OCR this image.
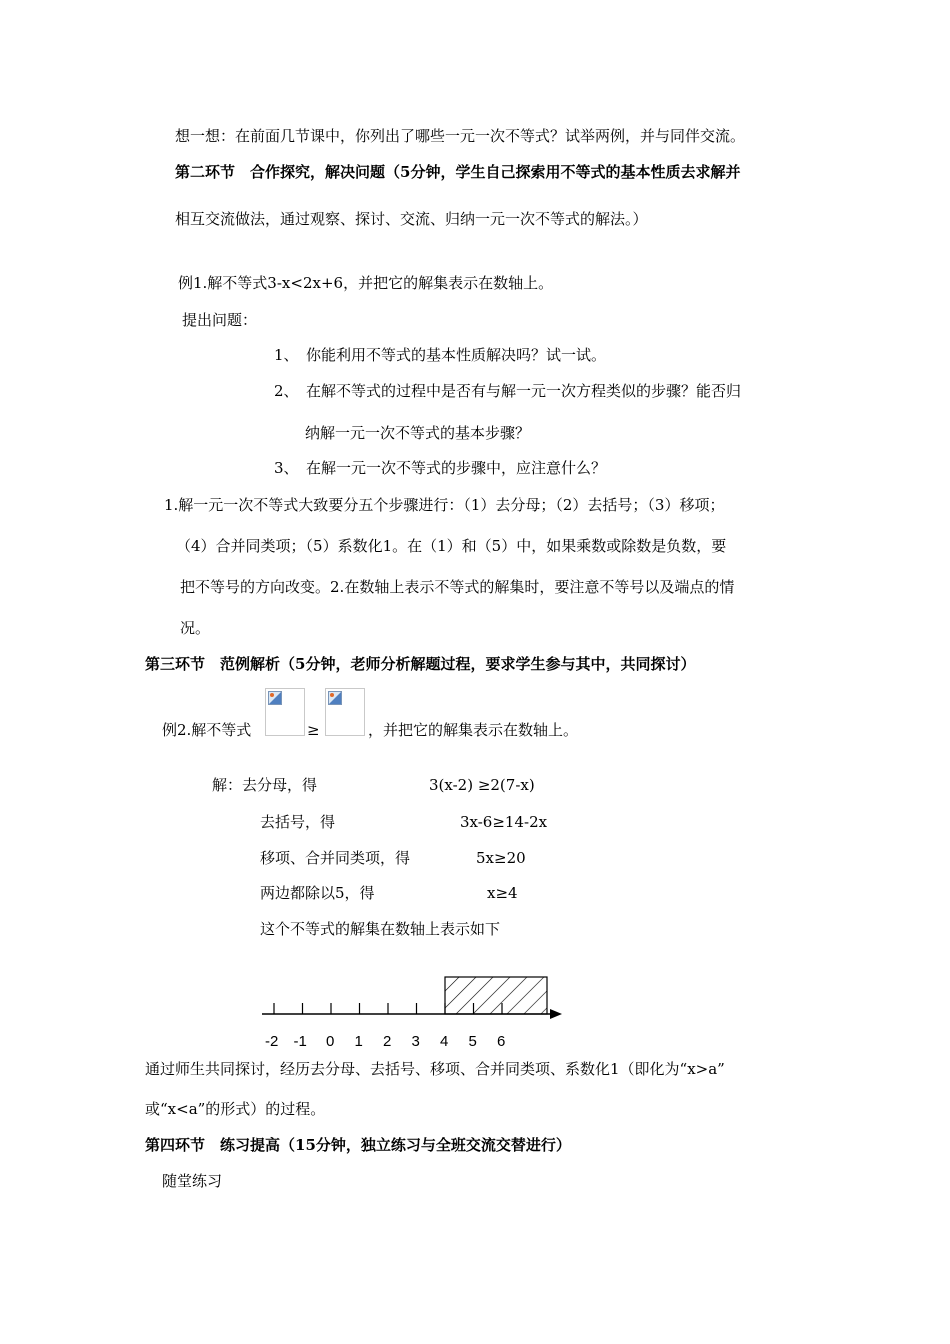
想一想：在前面几节课中，你列出了哪些一元一次不等式？试举两例，并与同伴交流。
第二环节　合作探究，解决问题（5分钟，学生自己探索用不等式的基本性质去求解并
相互交流做法，通过观察、探讨、交流、归纳一元一次不等式的解法。）
例1.解不等式3-x<2x+6，并把它的解集表示在数轴上。
提出问题：
1、　你能利用不等式的基本性质解决吗？试一试。
2、　在解不等式的过程中是否有与解一元一次方程类似的步骤？能否归
纳解一元一次不等式的基本步骤？
3、　在解一元一次不等式的步骤中，应注意什么？
1.解一元一次不等式大致要分五个步骤进行：（1）去分母；（2）去括号；（3）移项；
（4）合并同类项；（5）系数化1。在（1）和（5）中，如果乘数或除数是负数，要
把不等号的方向改变。2.在数轴上表示不等式的解集时，要注意不等号以及端点的情
况。
第三环节　范例解析（5分钟，老师分析解题过程，要求学生参与其中，共同探讨）
例2.解不等式	≥	，并把它的解集表示在数轴上。
解：去分母，得	3(x-2) ≥2(7-x)
去括号，得	3x-6≥14-2x
移项、合并同类项，得	5x≥20
两边都除以5，得	x≥4
这个不等式的解集在数轴上表示如下
-2 -1 0 1 2 3 4 5 6
通过师生共同探讨，经历去分母、去括号、移项、合并同类项、系数化1（即化为“x>a”
或“x<a”的形式）的过程。
第四环节　练习提高（15分钟，独立练习与全班交流交替进行）
随堂练习
